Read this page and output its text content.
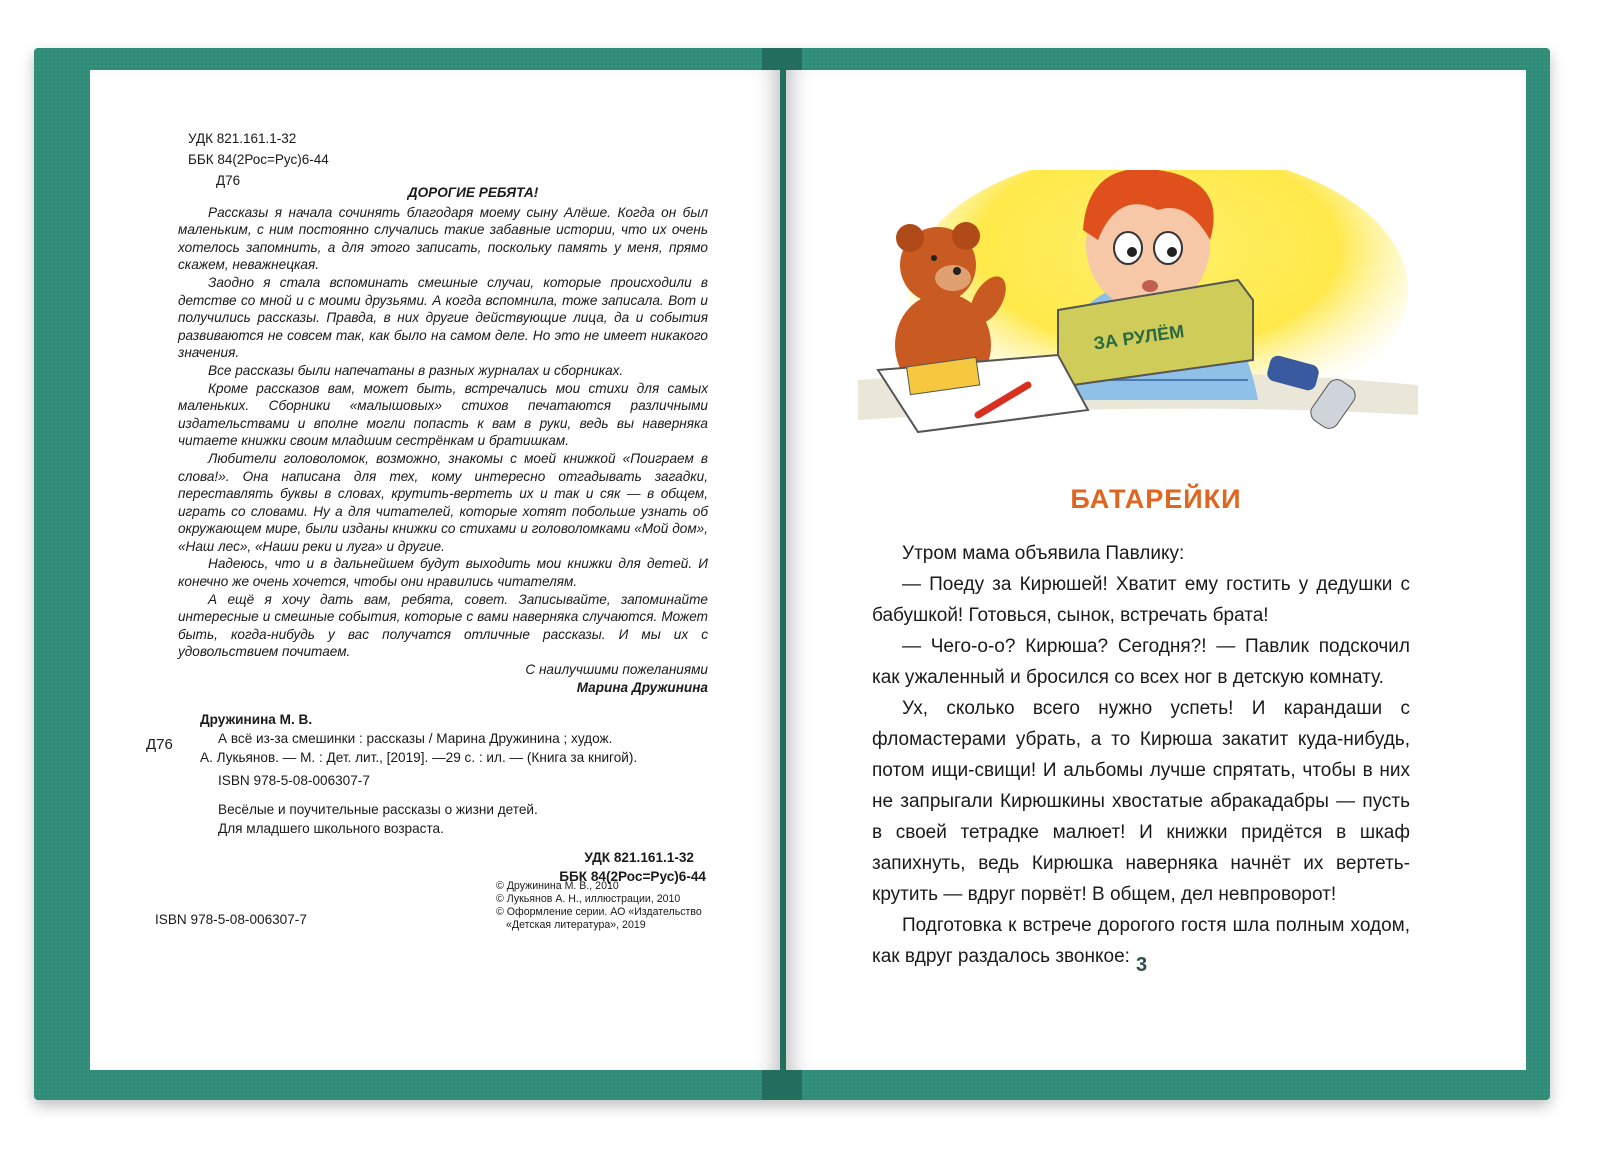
УДК 821.161.1-32
ББК 84(2Рос=Рус)6-44
Д76

ДОРОГИЕ РЕБЯТА!

Рассказы я начала сочинять благодаря моему сыну Алёше. Когда он был маленьким, с ним постоянно случались такие забавные истории, что их очень хотелось запомнить, а для этого записать, поскольку память у меня, прямо скажем, неважнецкая.

Заодно я стала вспоминать смешные случаи, которые происходили в детстве со мной и с моими друзьями. А когда вспомнила, тоже записала. Вот и получились рассказы. Правда, в них другие действующие лица, да и события развиваются не совсем так, как было на самом деле. Но это не имеет никакого значения.

Все рассказы были напечатаны в разных журналах и сборниках.

Кроме рассказов вам, может быть, встречались мои стихи для самых маленьких. Сборники «малышовых» стихов печатаются различными издательствами и вполне могли попасть к вам в руки, ведь вы наверняка читаете книжки своим младшим сестрёнкам и братишкам.

Любители головоломок, возможно, знакомы с моей книжкой «Поиграем в слова!». Она написана для тех, кому интересно отгадывать загадки, переставлять буквы в словах, крутить-вертеть их и так и сяк — в общем, играть со словами. Ну а для читателей, которые хотят побольше узнать об окружающем мире, были изданы книжки со стихами и головоломками «Мой дом», «Наш лес», «Наши реки и луга» и другие.

Надеюсь, что и в дальнейшем будут выходить мои книжки для детей. И конечно же очень хочется, чтобы они нравились читателям.

А ещё я хочу дать вам, ребята, совет. Записывайте, запоминайте интересные и смешные события, которые с вами наверняка случаются. Может быть, когда-нибудь у вас получатся отличные рассказы. И мы их с удовольствием почитаем.

С наилучшими пожеланиями

Марина Дружинина

Дружинина М. В.
Д76	А всё из-за смешинки : рассказы / Марина Дружинина ; худож.
А. Лукьянов. — М. : Дет. лит., [2019]. —29 с. : ил. — (Книга за книгой).
ISBN 978-5-08-006307-7
Весёлые и поучительные рассказы о жизни детей.
Для младшего школьного возраста.
УДК 821.161.1-32
ББК 84(2Рос=Рус)6-44
© Дружинина М. В., 2010
© Лукьянов А. Н., иллюстрации, 2010
© Оформление серии. АО «Издательство
«Детская литература», 2019
ISBN 978-5-08-006307-7
ЗА РУЛЁМ
БАТАРЕЙКИ

Утром мама объявила Павлику:

— Поеду за Кирюшей! Хватит ему гостить у дедушки с бабушкой! Готовься, сынок, встречать брата!

— Чего-о-о? Кирюша? Сегодня?! — Павлик подскочил как ужаленный и бросился со всех ног в детскую комнату.

Ух, сколько всего нужно успеть! И карандаши с фломастерами убрать, а то Кирюша закатит куда-нибудь, потом ищи-свищи! И альбомы лучше спрятать, чтобы в них не запрыгали Кирюшкины хвостатые абракадабры — пусть в своей тетрадке малюет! И книжки придётся в шкаф запихнуть, ведь Кирюшка наверняка начнёт их вертеть-крутить — вдруг порвёт! В общем, дел невпроворот!

Подготовка к встрече дорогого гостя шла полным ходом, как вдруг раздалось звонкое: 3
